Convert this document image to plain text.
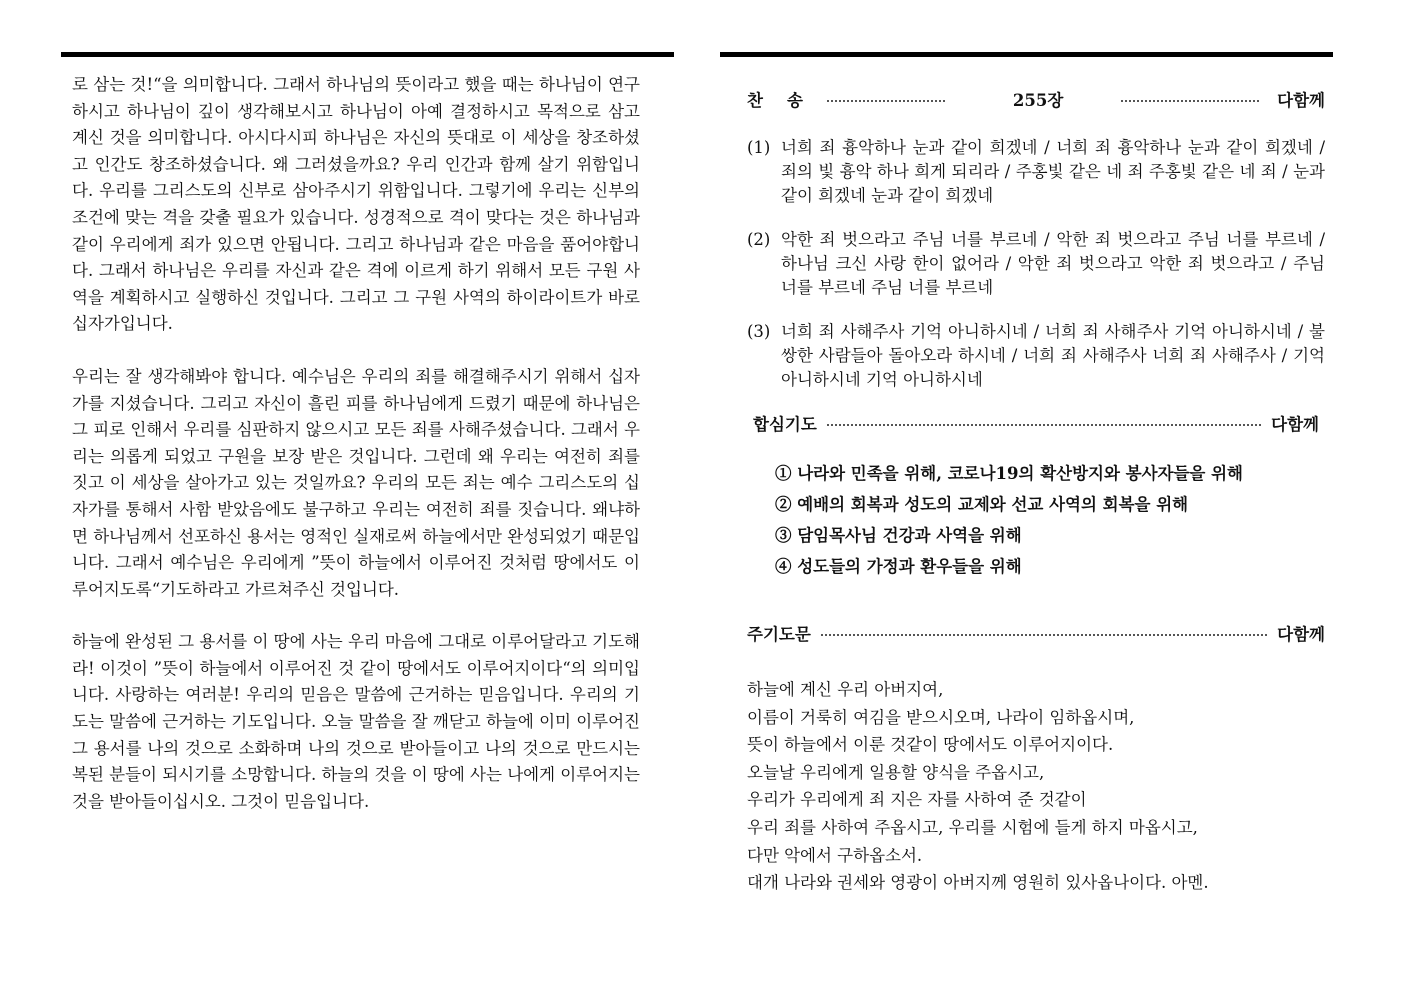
로 삼는 것!“을 의미합니다. 그래서 하나님의 뜻이라고 했을 때는 하나님이 연구하시고 하나님이 깊이 생각해보시고 하나님이 아예 결정하시고 목적으로 삼고 계신 것을 의미합니다. 아시다시피 하나님은 자신의 뜻대로 이 세상을 창조하셨고 인간도 창조하셨습니다. 왜 그러셨을까요? 우리 인간과 함께 살기 위함입니다. 우리를 그리스도의 신부로 삼아주시기 위함입니다. 그렇기에 우리는 신부의 조건에 맞는 격을 갖출 필요가 있습니다. 성경적으로 격이 맞다는 것은 하나님과 같이 우리에게 죄가 있으면 안됩니다. 그리고 하나님과 같은 마음을 품어야합니다. 그래서 하나님은 우리를 자신과 같은 격에 이르게 하기 위해서 모든 구원 사역을 계획하시고 실행하신 것입니다. 그리고 그 구원 사역의 하이라이트가 바로 십자가입니다.

우리는 잘 생각해봐야 합니다. 예수님은 우리의 죄를 해결해주시기 위해서 십자가를 지셨습니다. 그리고 자신이 흘린 피를 하나님에게 드렸기 때문에 하나님은 그 피로 인해서 우리를 심판하지 않으시고 모든 죄를 사해주셨습니다. 그래서 우리는 의롭게 되었고 구원을 보장 받은 것입니다. 그런데 왜 우리는 여전히 죄를 짓고 이 세상을 살아가고 있는 것일까요? 우리의 모든 죄는 예수 그리스도의 십자가를 통해서 사함 받았음에도 불구하고 우리는 여전히 죄를 짓습니다. 왜냐하면 하나님께서 선포하신 용서는 영적인 실재로써 하늘에서만 완성되었기 때문입니다. 그래서 예수님은 우리에게 ”뜻이 하늘에서 이루어진 것처럼 땅에서도 이루어지도록“기도하라고 가르쳐주신 것입니다.

하늘에 완성된 그 용서를 이 땅에 사는 우리 마음에 그대로 이루어달라고 기도해라! 이것이 ”뜻이 하늘에서 이루어진 것 같이 땅에서도 이루어지이다“의 의미입니다. 사랑하는 여러분! 우리의 믿음은 말씀에 근거하는 믿음입니다. 우리의 기도는 말씀에 근거하는 기도입니다. 오늘 말씀을 잘 깨닫고 하늘에 이미 이루어진 그 용서를 나의 것으로 소화하며 나의 것으로 받아들이고 나의 것으로 만드시는 복된 분들이 되시기를 소망합니다. 하늘의 것을 이 땅에 사는 나에게 이루어지는 것을 받아들이십시오. 그것이 믿음입니다.

찬송	255장	다함께
(1) 너희 죄 흉악하나 눈과 같이 희겠네 / 너희 죄 흉악하나 눈과 같이 희겠네 / 죄의 빛 흉악 하나 희게 되리라 / 주홍빛 같은 네 죄 주홍빛 같은 네 죄 / 눈과 같이 희겠네 눈과 같이 희겠네
(2) 악한 죄 벗으라고 주님 너를 부르네 / 악한 죄 벗으라고 주님 너를 부르네 / 하나님 크신 사랑 한이 없어라 / 악한 죄 벗으라고 악한 죄 벗으라고 / 주님 너를 부르네 주님 너를 부르네
(3) 너희 죄 사해주사 기억 아니하시네 / 너희 죄 사해주사 기억 아니하시네 / 불쌍한 사람들아 돌아오라 하시네 / 너희 죄 사해주사 너희 죄 사해주사 / 기억 아니하시네 기억 아니하시네
합심기도	다함께
① 나라와 민족을 위해, 코로나19의 확산방지와 봉사자들을 위해
② 예배의 회복과 성도의 교제와 선교 사역의 회복을 위해
③ 담임목사님 건강과 사역을 위해
④ 성도들의 가정과 환우들을 위해
주기도문	다함께
하늘에 계신 우리 아버지여,
이름이 거룩히 여김을 받으시오며, 나라이 임하옵시며,
뜻이 하늘에서 이룬 것같이 땅에서도 이루어지이다.
오늘날 우리에게 일용할 양식을 주옵시고,
우리가 우리에게 죄 지은 자를 사하여 준 것같이
우리 죄를 사하여 주옵시고, 우리를 시험에 들게 하지 마옵시고,
다만 악에서 구하옵소서.
대개 나라와 권세와 영광이 아버지께 영원히 있사옵나이다. 아멘.
